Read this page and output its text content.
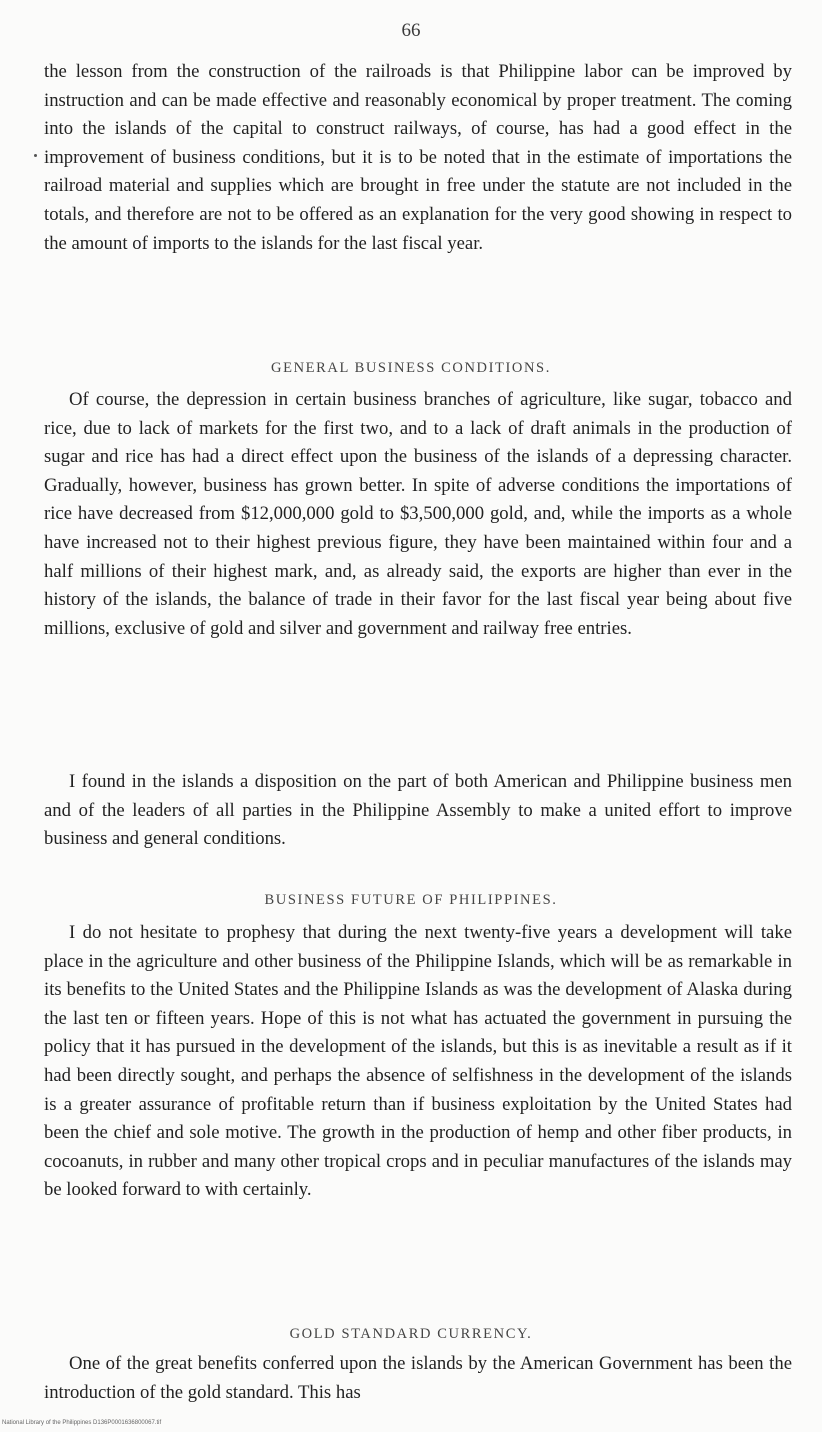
66

the lesson from the construction of the railroads is that Philippine labor can be improved by instruction and can be made effective and reasonably economical by proper treatment. The coming into the islands of the capital to construct railways, of course, has had a good effect in the improvement of business conditions, but it is to be noted that in the estimate of importations the railroad material and supplies which are brought in free under the statute are not included in the totals, and therefore are not to be offered as an explanation for the very good showing in respect to the amount of imports to the islands for the last fiscal year.

GENERAL BUSINESS CONDITIONS.

Of course, the depression in certain business branches of agriculture, like sugar, tobacco and rice, due to lack of markets for the first two, and to a lack of draft animals in the production of sugar and rice has had a direct effect upon the business of the islands of a depressing character. Gradually, however, business has grown better. In spite of adverse conditions the importations of rice have decreased from $12,000,000 gold to $3,500,000 gold, and, while the imports as a whole have increased not to their highest previous figure, they have been maintained within four and a half millions of their highest mark, and, as already said, the exports are higher than ever in the history of the islands, the balance of trade in their favor for the last fiscal year being about five millions, exclusive of gold and silver and government and railway free entries.

I found in the islands a disposition on the part of both American and Philippine business men and of the leaders of all parties in the Philippine Assembly to make a united effort to improve business and general conditions.

BUSINESS FUTURE OF PHILIPPINES.

I do not hesitate to prophesy that during the next twenty-five years a development will take place in the agriculture and other business of the Philippine Islands, which will be as remarkable in its benefits to the United States and the Philippine Islands as was the development of Alaska during the last ten or fifteen years. Hope of this is not what has actuated the government in pursuing the policy that it has pursued in the development of the islands, but this is as inevitable a result as if it had been directly sought, and perhaps the absence of selfishness in the development of the islands is a greater assurance of profitable return than if business exploitation by the United States had been the chief and sole motive. The growth in the production of hemp and other fiber products, in cocoanuts, in rubber and many other tropical crops and in peculiar manufactures of the islands may be looked forward to with certainly.

GOLD STANDARD CURRENCY.

One of the great benefits conferred upon the islands by the American Government has been the introduction of the gold standard. This has

National Library of the Philippines D136P0001636800067.tif
